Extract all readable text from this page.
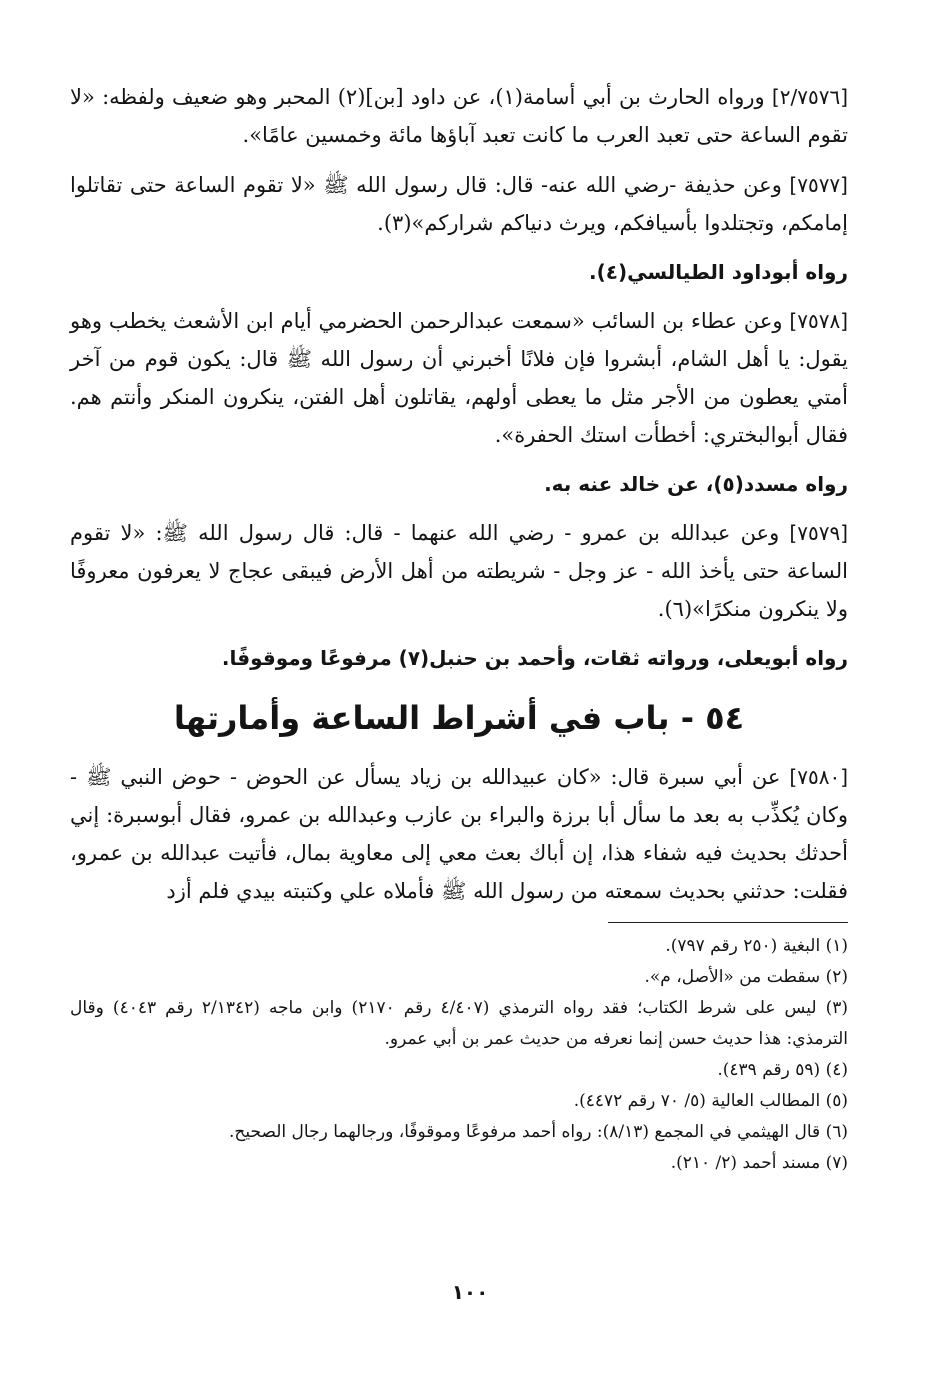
[٢/٧٥٧٦] ورواه الحارث بن أبي أسامة(١)، عن داود [بن](٢) المحبر وهو ضعيف ولفظه: «لا تقوم الساعة حتى تعبد العرب ما كانت تعبد آباؤها مائة وخمسين عامًا».

[٧٥٧٧] وعن حذيفة -رضي الله عنه- قال: قال رسول الله ﷺ «لا تقوم الساعة حتى تقاتلوا إمامكم، وتجتلدوا بأسيافكم، ويرث دنياكم شراركم»(٣).

رواه أبوداود الطيالسي(٤).

[٧٥٧٨] وعن عطاء بن السائب «سمعت عبدالرحمن الحضرمي أيام ابن الأشعث يخطب وهو يقول: يا أهل الشام، أبشروا فإن فلانًا أخبرني أن رسول الله ﷺ قال: يكون قوم من آخر أمتي يعطون من الأجر مثل ما يعطى أولهم، يقاتلون أهل الفتن، ينكرون المنكر وأنتم هم. فقال أبوالبختري: أخطأت استك الحفرة».

رواه مسدد(٥)، عن خالد عنه به.

[٧٥٧٩] وعن عبدالله بن عمرو - رضي الله عنهما - قال: قال رسول الله ﷺ: «لا تقوم الساعة حتى يأخذ الله - عز وجل - شريطته من أهل الأرض فيبقى عجاج لا يعرفون معروفًا ولا ينكرون منكرًا»(٦).

رواه أبويعلى، ورواته ثقات، وأحمد بن حنبل(٧) مرفوعًا وموقوفًا.

٥٤ - باب في أشراط الساعة وأمارتها

[٧٥٨٠] عن أبي سبرة قال: «كان عبيدالله بن زياد يسأل عن الحوض - حوض النبي ﷺ - وكان يُكذِّب به بعد ما سأل أبا برزة والبراء بن عازب وعبدالله بن عمرو، فقال أبوسبرة: إني أحدثك بحديث فيه شفاء هذا، إن أباك بعث معي إلى معاوية بمال، فأتيت عبدالله بن عمرو، فقلت: حدثني بحديث سمعته من رسول الله ﷺ فأملاه علي وكتبته بيدي فلم أزد

(١) البغية (٢٥٠ رقم ٧٩٧).
(٢) سقطت من «الأصل، م».
(٣) ليس على شرط الكتاب؛ فقد رواه الترمذي (٤/٤٠٧ رقم ٢١٧٠) وابن ماجه (٢/١٣٤٢ رقم ٤٠٤٣) وقال الترمذي: هذا حديث حسن إنما نعرفه من حديث عمر بن أبي عمرو.
(٤) (٥٩ رقم ٤٣٩).
(٥) المطالب العالية (٥/ ٧٠ رقم ٤٤٧٢).
(٦) قال الهيثمي في المجمع (٨/١٣): رواه أحمد مرفوعًا وموقوفًا، ورجالهما رجال الصحيح.
(٧) مسند أحمد (٢/ ٢١٠).
١٠٠
